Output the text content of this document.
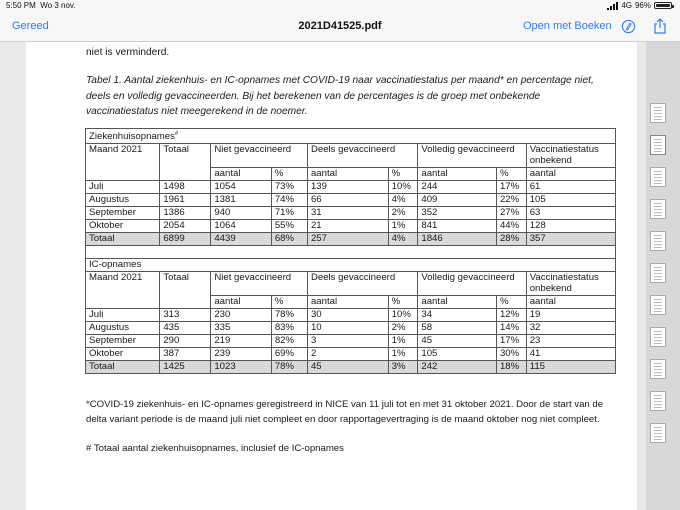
5:50 PM Wo 3 nov.	4G 96%
Gereed	2021D41525.pdf	Open met Boeken
niet is verminderd.
Tabel 1. Aantal ziekenhuis- en IC-opnames met COVID-19 naar vaccinatiestatus per maand* en percentage niet, deels en volledig gevaccineerden. Bij het berekenen van de percentages is de groep met onbekende vaccinatiestatus niet meegerekend in de noemer.
Ziekenhuisopnames#
Maand 2021	Totaal	Niet gevaccineerd		Deels gevaccineerd		Volledig gevaccineerd		Vaccinatiestatus onbekend
		aantal	%	aantal	%	aantal	%	aantal
Juli	1498	1054	73%	139	10%	244	17%	61
Augustus	1961	1381	74%	66	4%	409	22%	105
September	1386	940	71%	31	2%	352	27%	63
Oktober	2054	1064	55%	21	1%	841	44%	128
Totaal	6899	4439	68%	257	4%	1846	28%	357

IC-opnames								
Maand 2021	Totaal	Niet gevaccineerd		Deels gevaccineerd		Volledig gevaccineerd		Vaccinatiestatus onbekend
		aantal	%	aantal	%	aantal	%	aantal
Juli	313	230	78%	30	10%	34	12%	19
Augustus	435	335	83%	10	2%	58	14%	32
September	290	219	82%	3	1%	45	17%	23
Oktober	387	239	69%	2	1%	105	30%	41
Totaal	1425	1023	78%	45	3%	242	18%	115
*COVID-19 ziekenhuis- en IC-opnames geregistreerd in NICE van 11 juli tot en met 31 oktober 2021. Door de start van de delta variant periode is de maand juli niet compleet en door rapportagevertraging is de maand oktober nog niet compleet.
# Totaal aantal ziekenhuisopnames, inclusief de IC-opnames
